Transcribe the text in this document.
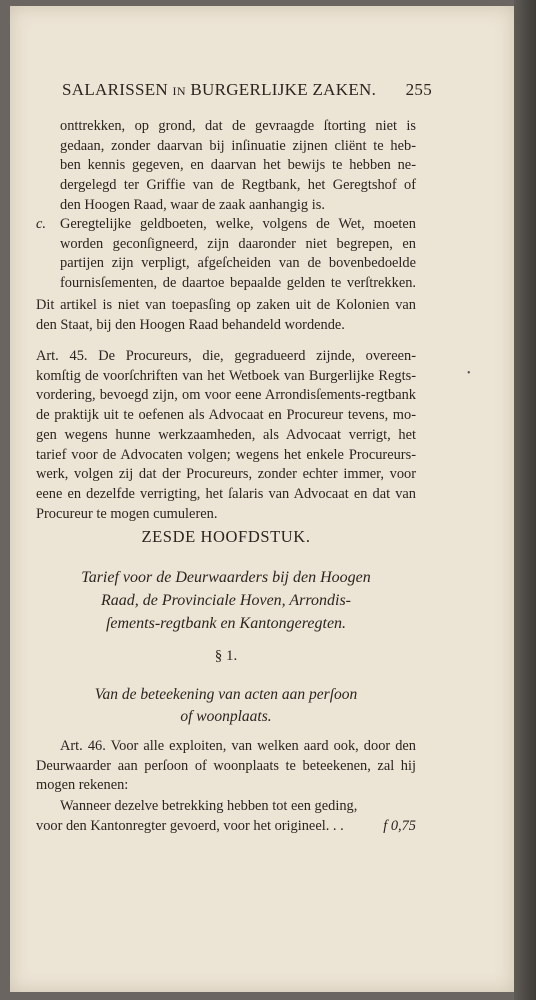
SALARISSEN IN BURGERLIJKE ZAKEN. 255

onttrekken, op grond, dat de gevraagde ſtorting niet is
gedaan, zonder daarvan bij inſinuatie zijnen cliënt te heb-
ben kennis gegeven, en daarvan het bewijs te hebben ne-
dergelegd ter Griffie van de Regtbank, het Geregtshof of
den Hoogen Raad, waar de zaak aanhangig is.

c. Geregtelijke geldboeten, welke, volgens de Wet, moeten
worden geconſigneerd, zijn daaronder niet begrepen, en
partijen zijn verpligt, afgeſcheiden van de bovenbedoelde
fournisſementen, de daartoe bepaalde gelden te verſtrekken.

Dit artikel is niet van toepasſing op zaken uit de Kolonien van
den Staat, bij den Hoogen Raad behandeld wordende.

Art. 45. De Procureurs, die, gegradueerd zijnde, overeen-
komſtig de voorſchriften van het Wetboek van Burgerlijke Regts-
vordering, bevoegd zijn, om voor eene Arrondisſements-regtbank
de praktijk uit te oefenen als Advocaat en Procureur tevens, mo-
gen wegens hunne werkzaamheden, als Advocaat verrigt, het
tarief voor de Advocaten volgen; wegens het enkele Procureurs-
werk, volgen zij dat der Procureurs, zonder echter immer, voor
eene en dezelfde verrigting, het ſalaris van Advocaat en dat van
Procureur te mogen cumuleren.

•
ZESDE HOOFDSTUK.
Tarief voor de Deurwaarders bij den Hoogen
Raad, de Provinciale Hoven, Arrondis-
ſements-regtbank en Kantongeregten.
§ 1.
Van de beteekening van acten aan perſoon
of woonplaats.

Art. 46. Voor alle exploiten, van welken aard ook, door den

Deurwaarder aan perſoon of woonplaats te beteekenen, zal hij
mogen rekenen:

Wanneer dezelve betrekking hebben tot een geding,

voor den Kantonregter gevoerd, voor het origineel. . .	f 0,75
